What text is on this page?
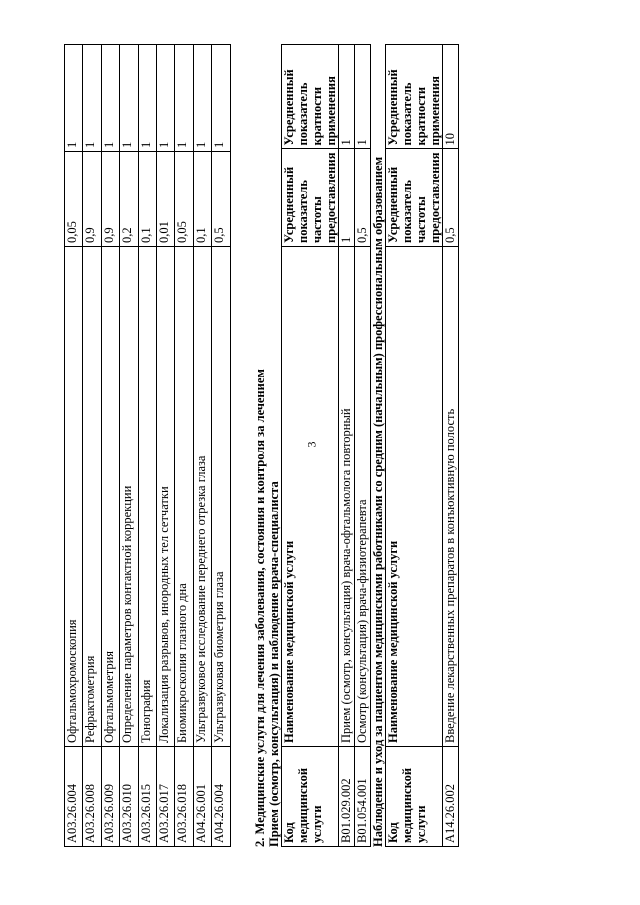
3
A03.26.004	Офтальмохромоскопия	0,05	1
A03.26.008	Рефрактометрия	0,9	1
A03.26.009	Офтальмометрия	0,9	1
A03.26.010	Определение параметров контактной коррекции	0,2	1
A03.26.015	Тонография	0,1	1
A03.26.017	Локализация разрывов, инородных тел сетчатки	0,01	1
A03.26.018	Биомикроскопия глазного дна	0,05	1
A04.26.001	Ультразвуковое исследование переднего отрезка глаза	0,1	1
A04.26.004	Ультразвуковая биометрия глаза	0,5	1
2. Медицинские услуги для лечения заболевания, состояния и контроля за лечением Прием (осмотр, консультация) и наблюдение врача-специалиста Код медицинской услуги	Наименование медицинской услуги	Усредненный показатель частоты предоставления	Усредненный показатель кратности применения
B01.029.002	Прием (осмотр, консультация) врача-офтальмолога повторный	1	1
B01.054.001	Осмотр (консультация) врача-физиотерапевта	0,5	1
Наблюдение и уход за пациентом медицинскими работниками со средним (начальным) профессиональным образованием Код медицинской услуги	Наименование медицинской услуги	Усредненный показатель частоты предоставления	Усредненный показатель кратности применения
A14.26.002	Введение лекарственных препаратов в конъюктивную полость	0,5	10
